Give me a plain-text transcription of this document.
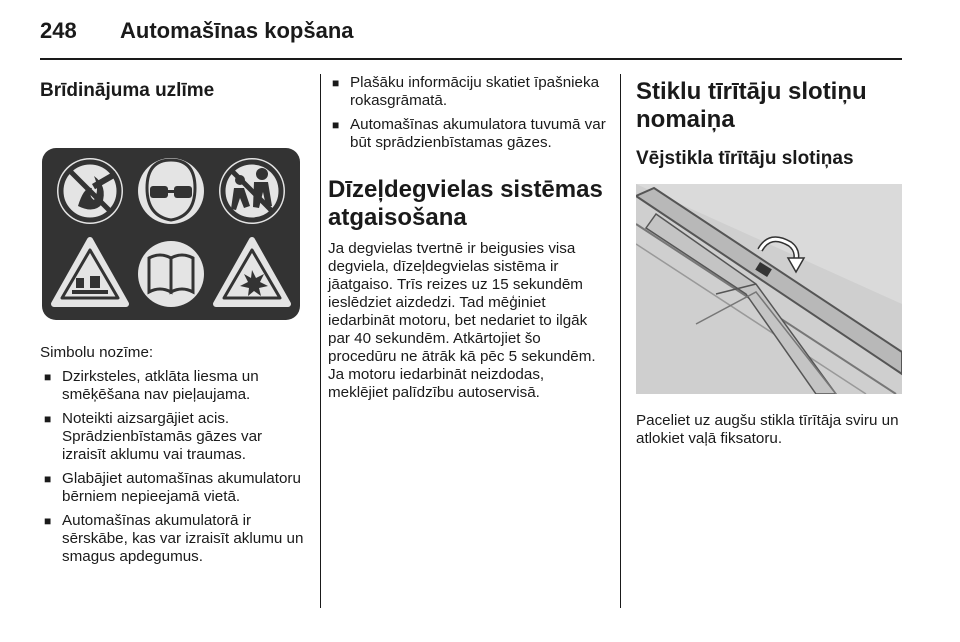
248	Automašīnas kopšana
Brīdinājuma uzlīme

Simbolu nozīme:

■ Dzirksteles, atklāta liesma un smēķēšana nav pieļaujama.
■ Noteikti aizsargājiet acis. Sprādzienbīstamās gāzes var izraisīt aklumu vai traumas.
■ Glabājiet automašīnas akumulatoru bērniem nepieejamā vietā.
■ Automašīnas akumulatorā ir sērskābe, kas var izraisīt aklumu un smagus apdegumus.
■ Plašāku informāciju skatiet īpašnieka rokasgrāmatā.
■ Automašīnas akumulatora tuvumā var būt sprādzienbīstamas gāzes.
Dīzeļdegvielas sistēmas atgaisošana

Ja degvielas tvertnē ir beigusies visa degviela, dīzeļdegvielas sistēma ir jāatgaiso. Trīs reizes uz 15 sekundēm ieslēdziet aizdedzi. Tad mēģiniet iedarbināt motoru, bet nedariet to ilgāk par 40 sekundēm. Atkārtojiet šo procedūru ne ātrāk kā pēc 5 sekundēm. Ja motoru iedarbināt neizdodas, meklējiet palīdzību autoservisā.

Stiklu tīrītāju slotiņu nomaiņa
Vējstikla tīrītāju slotiņas

Paceliet uz augšu stikla tīrītāja sviru un atlokiet vaļā fiksatoru.
